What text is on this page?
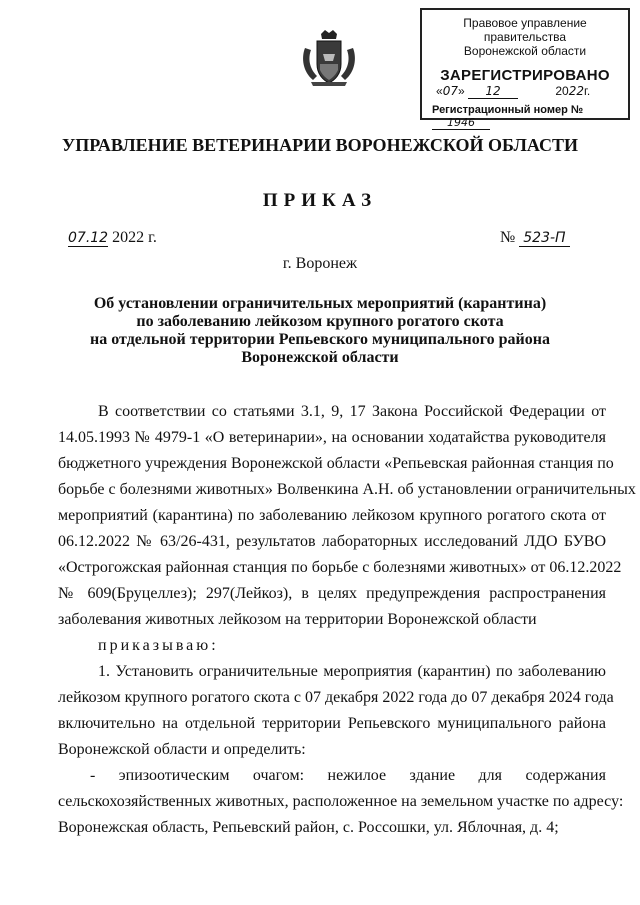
Правовое управление правительства
Воронежской области
ЗАРЕГИСТРИРОВАНО
«07» 12	2022г.
Регистрационный номер № 1946
УПРАВЛЕНИЕ ВЕТЕРИНАРИИ ВОРОНЕЖСКОЙ ОБЛАСТИ
ПРИКАЗ
07.12 2022 г.	№ 523-П
г. Воронеж
Об установлении ограничительных мероприятий (карантина)
по заболеванию лейкозом крупного рогатого скота
на отдельной территории Репьевского муниципального района
Воронежской области
В соответствии со статьями 3.1, 9, 17 Закона Российской Федерации от
14.05.1993 № 4979-1 «О ветеринарии», на основании ходатайства руководителя
бюджетного учреждения Воронежской области «Репьевская районная станция по
борьбе с болезнями животных» Волвенкина А.Н. об установлении ограничительных
мероприятий (карантина) по заболеванию лейкозом крупного рогатого скота от
06.12.2022 № 63/26-431, результатов лабораторных исследований ЛДО БУВО
«Острогожская районная станция по борьбе с болезнями животных» от 06.12.2022
№ 609(Бруцеллез); 297(Лейкоз), в целях предупреждения распространения
заболевания животных лейкозом на территории Воронежской области
приказываю:
1. Установить ограничительные мероприятия (карантин) по заболеванию
лейкозом крупного рогатого скота с 07 декабря 2022 года до 07 декабря 2024 года
включительно на отдельной территории Репьевского муниципального района
Воронежской области и определить:
- эпизоотическим очагом: нежилое здание для содержания
сельскохозяйственных животных, расположенное на земельном участке по адресу:
Воронежская область, Репьевский район, с. Россошки, ул. Яблочная, д. 4;
